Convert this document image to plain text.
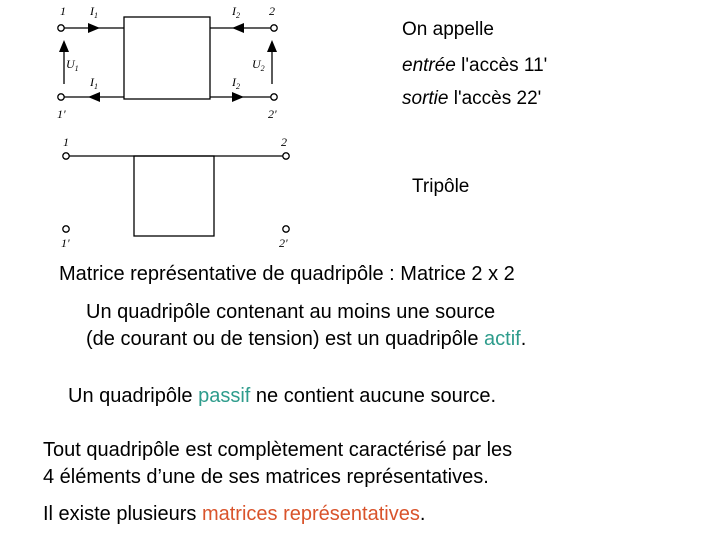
1 $I_1$	$I_2$ 2
$U_1$	$U_2$
$I_1$	$I_2$
1'	2'
1	2
1'	2'
On appelle
entrée l'accès 11'
sortie l'accès 22'
Tripôle
Matrice représentative de quadripôle : Matrice 2 x 2
Un quadripôle contenant au moins une source
(de courant ou de tension) est un quadripôle actif.
Un quadripôle passif ne contient aucune source.
Tout quadripôle est complètement caractérisé par les
4 éléments d’une de ses matrices représentatives.
Il existe plusieurs matrices représentatives.
